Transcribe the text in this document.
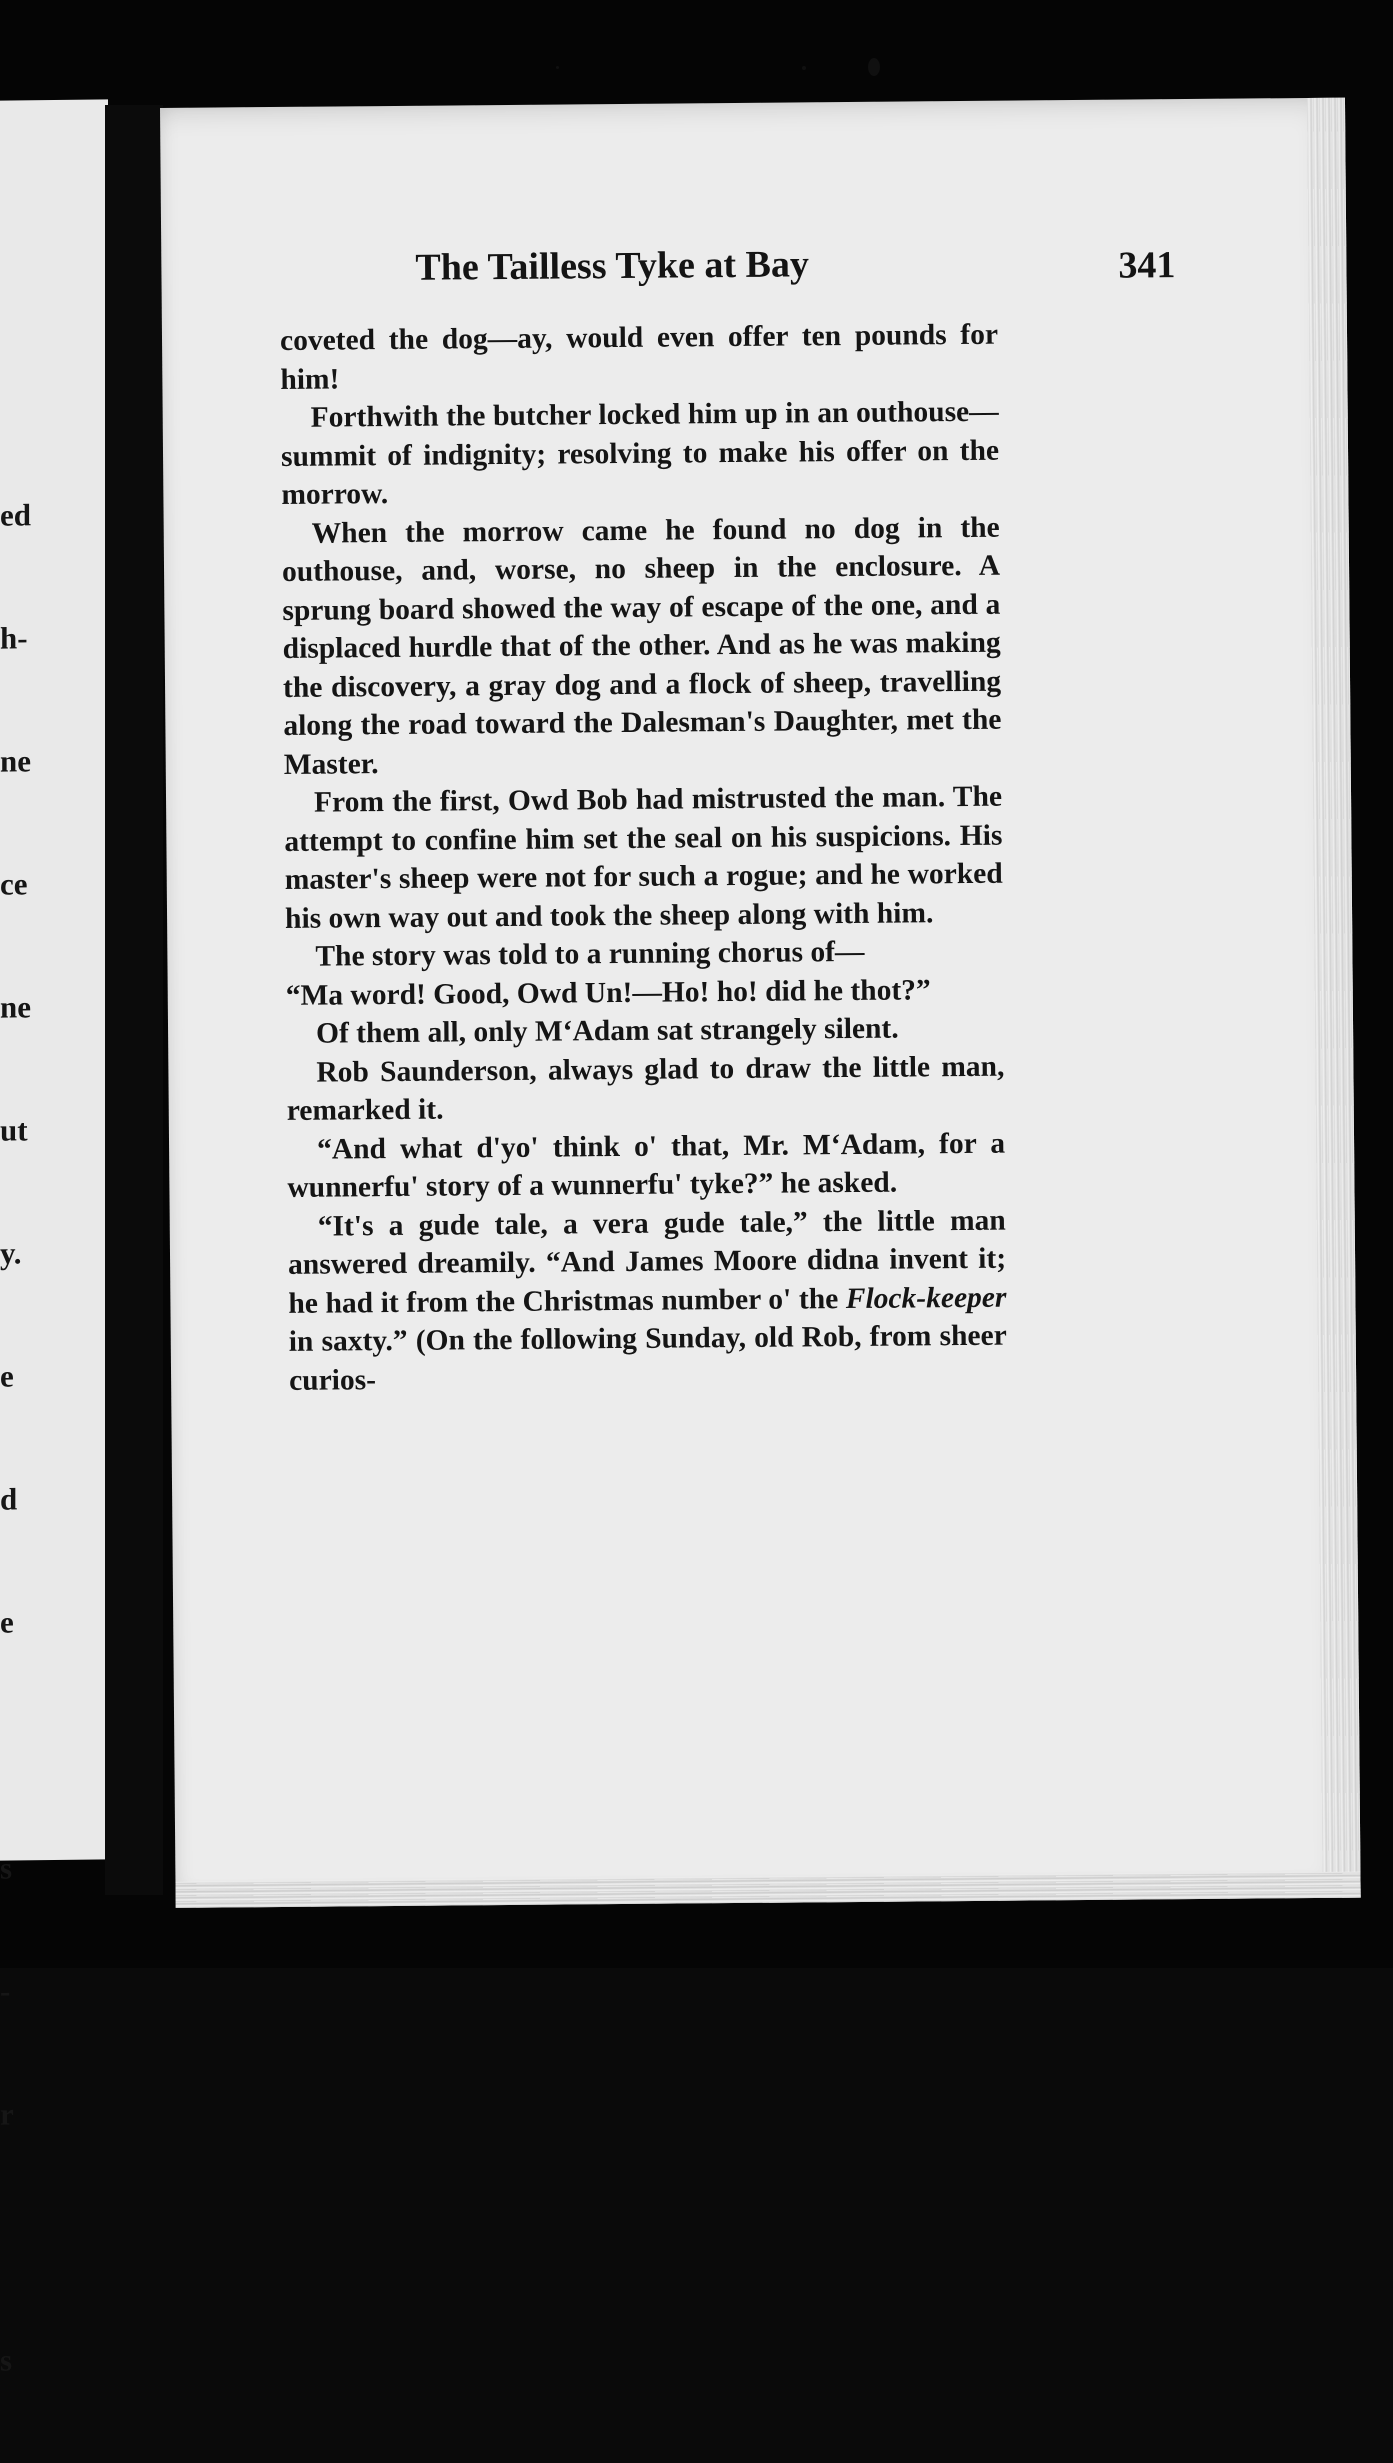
ed

h-

ne

ce

ne

ut

y.

e

d

e

s

-

r

s

The Tailless Tyke at Bay	341

coveted the dog—ay, would even offer ten pounds for him!

Forthwith the butcher locked him up in an outhouse—summit of indignity; resolving to make his offer on the morrow.

When the morrow came he found no dog in the outhouse, and, worse, no sheep in the enclosure. A sprung board showed the way of escape of the one, and a displaced hurdle that of the other. And as he was making the discovery, a gray dog and a flock of sheep, travelling along the road toward the Dalesman's Daughter, met the Master.

From the first, Owd Bob had mistrusted the man. The attempt to confine him set the seal on his suspicions. His master's sheep were not for such a rogue; and he worked his own way out and took the sheep along with him.

The story was told to a running chorus of—

“Ma word! Good, Owd Un!—Ho! ho! did he thot?”

Of them all, only M‘Adam sat strangely silent.

Rob Saunderson, always glad to draw the little man, remarked it.

“And what d'yo' think o' that, Mr. M‘Adam, for a wunnerfu' story of a wunnerfu' tyke?” he asked.

“It's a gude tale, a vera gude tale,” the little man answered dreamily. “And James Moore didna invent it; he had it from the Christmas number o' the Flock-keeper in saxty.” (On the following Sunday, old Rob, from sheer curios-
